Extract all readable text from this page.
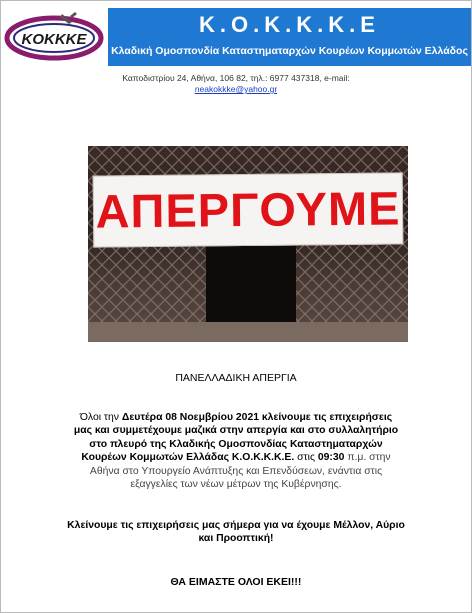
KOKKKE
Κ.Ο.Κ.Κ.Κ.Ε
Κλαδική Ομοσπονδία Καταστηματαρχών Κουρέων Κομμωτών Ελλάδος
Καποδιστρίου 24, Αθήνα, 106 82, τηλ.: 6977 437318, e-mail:
neakokkke@yahoo.gr
ΑΠΕΡΓΟΥΜΕ
ΠΑΝΕΛΛΑΔΙΚΗ ΑΠΕΡΓΙΑ
Όλοι την Δευτέρα 08 Νοεμβρίου 2021 κλείνουμε τις επιχειρήσεις μας και συμμετέχουμε μαζικά στην απεργία και στο συλλαλητήριο στο πλευρό της Κλαδικής Ομοσπονδίας Καταστηματαρχών Κουρέων Κομμωτών Ελλάδας Κ.Ο.Κ.Κ.Κ.Ε. στις 09:30 π.μ. στην Αθήνα στο Υπουργείο Ανάπτυξης και Επενδύσεων, ενάντια στις εξαγγελίες των νέων μέτρων της Κυβέρνησης.
Κλείνουμε τις επιχειρήσεις μας σήμερα για να έχουμε Μέλλον, Αύριο και Προοπτική!
ΘΑ ΕΙΜΑΣΤΕ ΟΛΟΙ ΕΚΕΙ!!!
